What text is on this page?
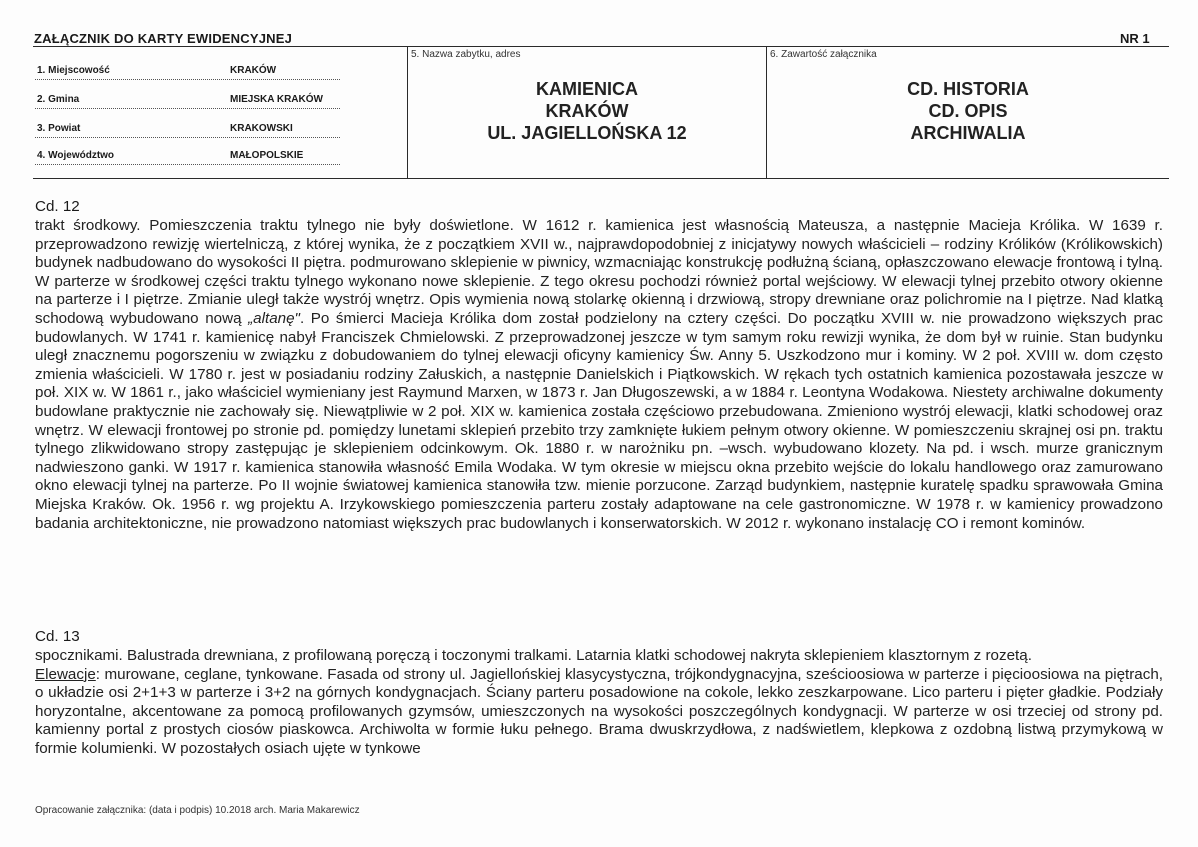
ZAŁĄCZNIK DO KARTY EWIDENCYJNEJ	NR 1
1. Miejscowość	KRAKÓW
2. Gmina	MIEJSKA KRAKÓW
3. Powiat	KRAKOWSKI
4. Województwo	MAŁOPOLSKIE
5. Nazwa zabytku, adres
KAMIENICA
KRAKÓW
UL. JAGIELLOŃSKA 12
6. Zawartość załącznika
CD. HISTORIA
CD. OPIS
ARCHIWALIA
Cd. 12

trakt środkowy. Pomieszczenia traktu tylnego nie były doświetlone. W 1612 r. kamienica jest własnością Mateusza, a następnie Macieja Królika. W 1639 r. przeprowadzono rewizję wiertelniczą, z której wynika, że z początkiem XVII w., najprawdopodobniej z inicjatywy nowych właścicieli – rodziny Królików (Królikowskich) budynek nadbudowano do wysokości II piętra. podmurowano sklepienie w piwnicy, wzmacniając konstrukcję podłużną ścianą, opłaszczowano elewacje frontową i tylną. W parterze w środkowej części traktu tylnego wykonano nowe sklepienie. Z tego okresu pochodzi również portal wejściowy. W elewacji tylnej przebito otwory okienne na parterze i I piętrze. Zmianie uległ także wystrój wnętrz. Opis wymienia nową stolarkę okienną i drzwiową, stropy drewniane oraz polichromie na I piętrze. Nad klatką schodową wybudowano nową „altanę". Po śmierci Macieja Królika dom został podzielony na cztery części. Do początku XVIII w. nie prowadzono większych prac budowlanych. W 1741 r. kamienicę nabył Franciszek Chmielowski. Z przeprowadzonej jeszcze w tym samym roku rewizji wynika, że dom był w ruinie. Stan budynku uległ znacznemu pogorszeniu w związku z dobudowaniem do tylnej elewacji oficyny kamienicy Św. Anny 5. Uszkodzono mur i kominy. W 2 poł. XVIII w. dom często zmienia właścicieli. W 1780 r. jest w posiadaniu rodziny Załuskich, a następnie Danielskich i Piątkowskich. W rękach tych ostatnich kamienica pozostawała jeszcze w poł. XIX w. W 1861 r., jako właściciel wymieniany jest Raymund Marxen, w 1873 r. Jan Długoszewski, a w 1884 r. Leontyna Wodakowa. Niestety archiwalne dokumenty budowlane praktycznie nie zachowały się. Niewątpliwie w 2 poł. XIX w. kamienica została częściowo przebudowana. Zmieniono wystrój elewacji, klatki schodowej oraz wnętrz. W elewacji frontowej po stronie pd. pomiędzy lunetami sklepień przebito trzy zamknięte łukiem pełnym otwory okienne. W pomieszczeniu skrajnej osi pn. traktu tylnego zlikwidowano stropy zastępując je sklepieniem odcinkowym. Ok. 1880 r. w narożniku pn. –wsch. wybudowano klozety. Na pd. i wsch. murze granicznym nadwieszono ganki. W 1917 r. kamienica stanowiła własność Emila Wodaka. W tym okresie w miejscu okna przebito wejście do lokalu handlowego oraz zamurowano okno elewacji tylnej na parterze. Po II wojnie światowej kamienica stanowiła tzw. mienie porzucone. Zarząd budynkiem, następnie kuratelę spadku sprawowała Gmina Miejska Kraków. Ok. 1956 r. wg projektu A. Irzykowskiego pomieszczenia parteru zostały adaptowane na cele gastronomiczne. W 1978 r. w kamienicy prowadzono badania architektoniczne, nie prowadzono natomiast większych prac budowlanych i konserwatorskich. W 2012 r. wykonano instalację CO i remont kominów.

Cd. 13

spocznikami. Balustrada drewniana, z profilowaną poręczą i toczonymi tralkami. Latarnia klatki schodowej nakryta sklepieniem klasztornym z rozetą.

Elewacje: murowane, ceglane, tynkowane. Fasada od strony ul. Jagiellońskiej klasycystyczna, trójkondygnacyjna, sześcioosiowa w parterze i pięcioosiowa na piętrach, o układzie osi 2+1+3 w parterze i 3+2 na górnych kondygnacjach. Ściany parteru posadowione na cokole, lekko zeszkarpowane. Lico parteru i pięter gładkie. Podziały horyzontalne, akcentowane za pomocą profilowanych gzymsów, umieszczonych na wysokości poszczególnych kondygnacji. W parterze w osi trzeciej od strony pd. kamienny portal z prostych ciosów piaskowca. Archiwolta w formie łuku pełnego. Brama dwuskrzydłowa, z nadświetlem, klepkowa z ozdobną listwą przymykową w formie kolumienki. W pozostałych osiach ujęte w tynkowe

Opracowanie załącznika: (data i podpis) 10.2018 arch. Maria Makarewicz
